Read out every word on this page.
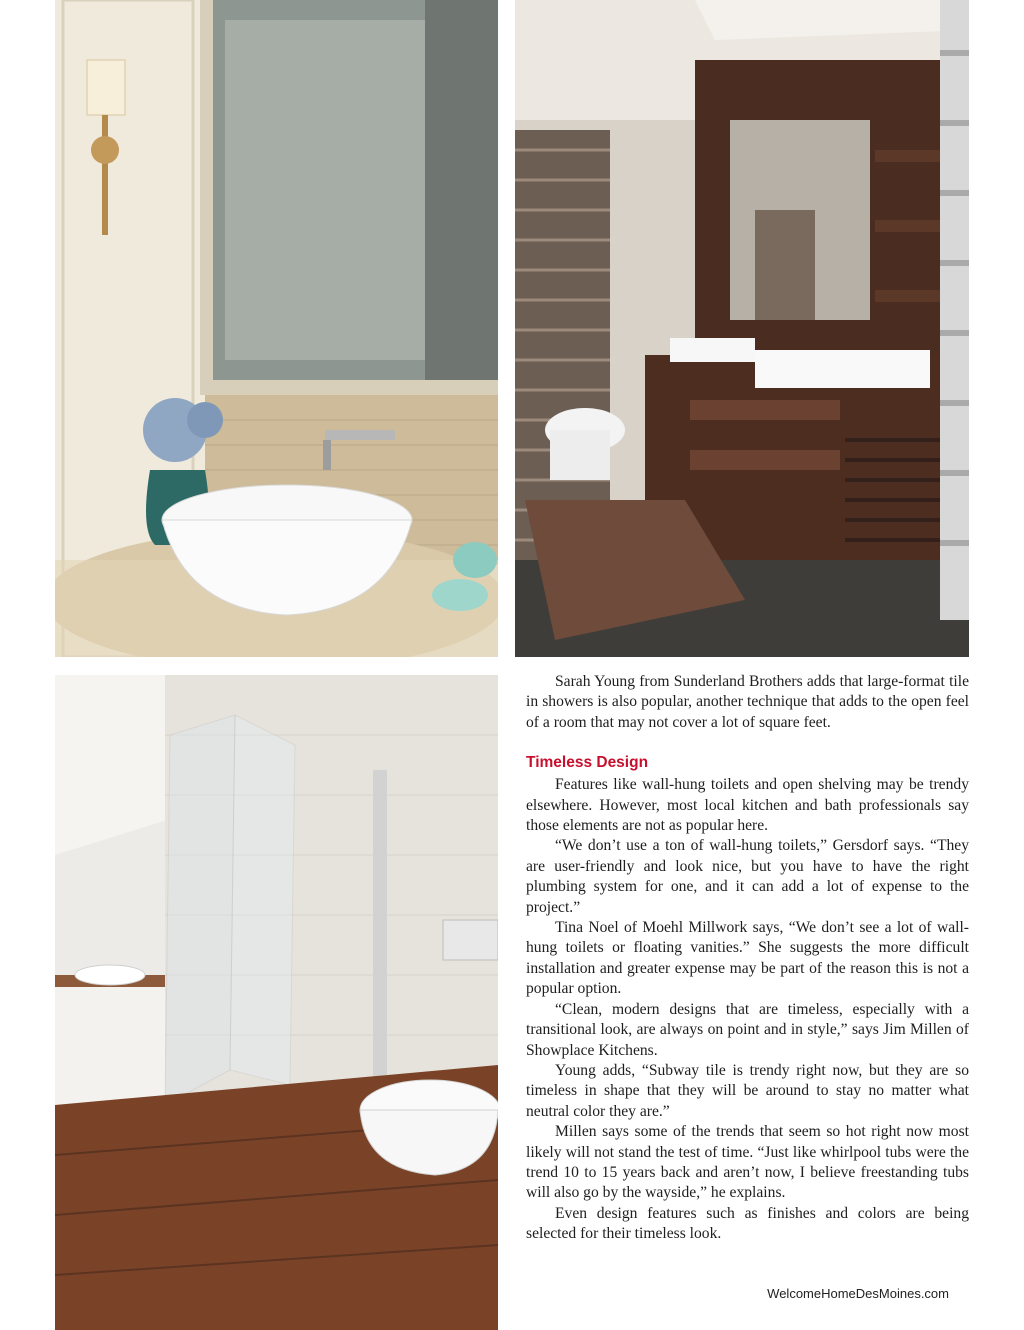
Sarah Young from Sunderland Brothers adds that large-format tile in showers is also popular, another technique that adds to the open feel of a room that may not cover a lot of square feet.

Timeless Design

Features like wall-hung toilets and open shelving may be trendy elsewhere. However, most local kitchen and bath professionals say those elements are not as popular here.

“We don’t use a ton of wall-hung toilets,” Gersdorf says. “They are user-friendly and look nice, but you have to have the right plumbing system for one, and it can add a lot of expense to the project.”

Tina Noel of Moehl Millwork says, “We don’t see a lot of wall-hung toilets or floating vanities.” She suggests the more difficult installation and greater expense may be part of the reason this is not a popular option.

“Clean, modern designs that are timeless, especially with a transitional look, are always on point and in style,” says Jim Millen of Showplace Kitchens.

Young adds, “Subway tile is trendy right now, but they are so timeless in shape that they will be around to stay no matter what neutral color they are.”

Millen says some of the trends that seem so hot right now most likely will not stand the test of time. “Just like whirlpool tubs were the trend 10 to 15 years back and aren’t now, I believe freestanding tubs will also go by the wayside,” he explains.

Even design features such as finishes and colors are being selected for their timeless look.

WelcomeHomeDesMoines.com
